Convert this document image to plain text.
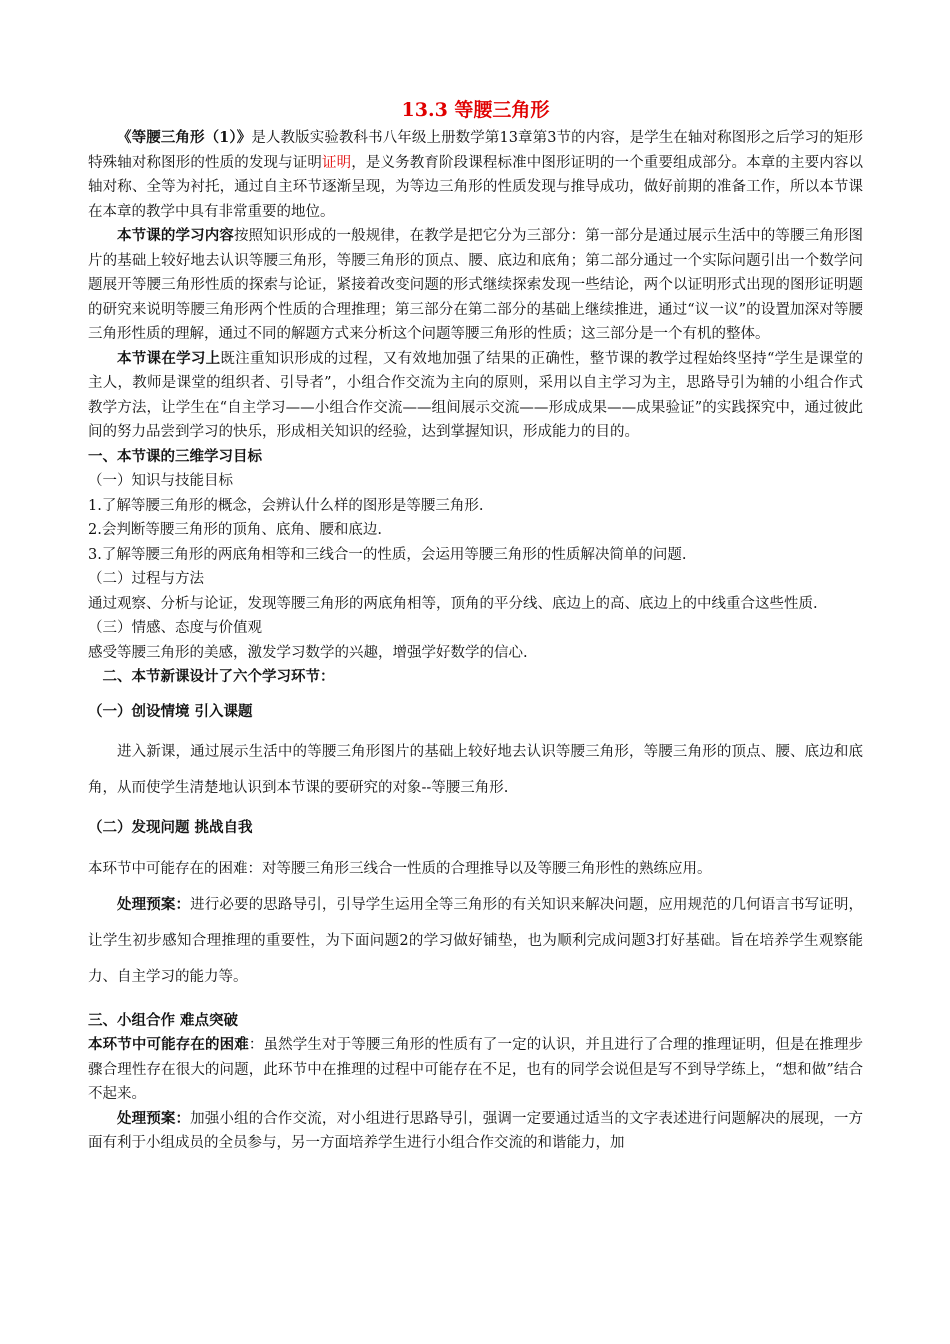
13.3 等腰三角形

《等腰三角形（1）》是人教版实验教科书八年级上册数学第13章第3节的内容，是学生在轴对称图形之后学习的矩形特殊轴对称图形的性质的发现与证明证明，是义务教育阶段课程标准中图形证明的一个重要组成部分。本章的主要内容以轴对称、全等为衬托，通过自主环节逐渐呈现，为等边三角形的性质发现与推导成功，做好前期的准备工作，所以本节课在本章的教学中具有非常重要的地位。

本节课的学习内容按照知识形成的一般规律，在教学是把它分为三部分：第一部分是通过展示生活中的等腰三角形图片的基础上较好地去认识等腰三角形，等腰三角形的顶点、腰、底边和底角；第二部分通过一个实际问题引出一个数学问题展开等腰三角形性质的探索与论证，紧接着改变问题的形式继续探索发现一些结论，两个以证明形式出现的图形证明题的研究来说明等腰三角形两个性质的合理推理；第三部分在第二部分的基础上继续推进，通过“议一议”的设置加深对等腰三角形性质的理解，通过不同的解题方式来分析这个问题等腰三角形的性质；这三部分是一个有机的整体。

本节课在学习上既注重知识形成的过程，又有效地加强了结果的正确性，整节课的教学过程始终坚持“学生是课堂的主人，教师是课堂的组织者、引导者”，小组合作交流为主向的原则，采用以自主学习为主，思路导引为辅的小组合作式教学方法，让学生在“自主学习——小组合作交流——组间展示交流——形成成果——成果验证”的实践探究中，通过彼此间的努力品尝到学习的快乐，形成相关知识的经验，达到掌握知识，形成能力的目的。

一、本节课的三维学习目标

（一）知识与技能目标

1.了解等腰三角形的概念，会辨认什么样的图形是等腰三角形.

2.会判断等腰三角形的顶角、底角、腰和底边.

3.了解等腰三角形的两底角相等和三线合一的性质，会运用等腰三角形的性质解决简单的问题.

（二）过程与方法

通过观察、分析与论证，发现等腰三角形的两底角相等，顶角的平分线、底边上的高、底边上的中线重合这些性质.

（三）情感、态度与价值观

感受等腰三角形的美感，激发学习数学的兴趣，增强学好数学的信心.

二、本节新课设计了六个学习环节：

（一）创设情境 引入课题

进入新课，通过展示生活中的等腰三角形图片的基础上较好地去认识等腰三角形，等腰三角形的顶点、腰、底边和底角，从而使学生清楚地认识到本节课的要研究的对象--等腰三角形.

（二）发现问题 挑战自我

本环节中可能存在的困难：对等腰三角形三线合一性质的合理推导以及等腰三角形性的熟练应用。

处理预案：进行必要的思路导引，引导学生运用全等三角形的有关知识来解决问题，应用规范的几何语言书写证明，让学生初步感知合理推理的重要性，为下面问题2的学习做好铺垫，也为顺利完成问题3打好基础。旨在培养学生观察能力、自主学习的能力等。

三、小组合作 难点突破

本环节中可能存在的困难：虽然学生对于等腰三角形的性质有了一定的认识，并且进行了合理的推理证明，但是在推理步骤合理性存在很大的问题，此环节中在推理的过程中可能存在不足，也有的同学会说但是写不到导学练上，“想和做”结合不起来。

处理预案：加强小组的合作交流，对小组进行思路导引，强调一定要通过适当的文字表述进行问题解决的展现，一方面有利于小组成员的全员参与，另一方面培养学生进行小组合作交流的和谐能力，加
